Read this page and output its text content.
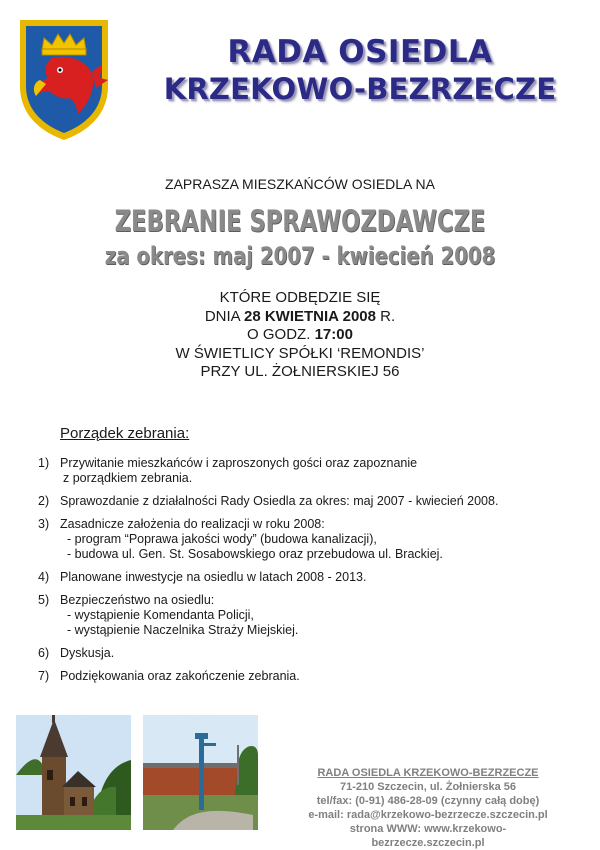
RADA OSIEDLA
KRZEKOWO-BEZRZECZE
ZAPRASZA MIESZKAŃCÓW OSIEDLA NA
ZEBRANIE SPRAWOZDAWCZE
za okres: maj 2007 - kwiecień 2008
KTÓRE ODBĘDZIE SIĘ
DNIA 28 KWIETNIA 2008 R.
O GODZ. 17:00
W ŚWIETLICY SPÓŁKI ‘REMONDIS’
PRZY UL. ŻOŁNIERSKIEJ 56
Porządek zebrania:
1) Przywitanie mieszkańców i zaproszonych gości oraz zapoznanie
z porządkiem zebrania.
2) Sprawozdanie z działalności Rady Osiedla za okres: maj 2007 - kwiecień 2008.
3) Zasadnicze założenia do realizacji w roku 2008:
- program “Poprawa jakości wody” (budowa kanalizacji),
- budowa ul. Gen. St. Sosabowskiego oraz przebudowa ul. Brackiej.
4) Planowane inwestycje na osiedlu w latach 2008 - 2013.
5) Bezpieczeństwo na osiedlu:
- wystąpienie Komendanta Policji,
- wystąpienie Naczelnika Straży Miejskiej.
6) Dyskusja.
7) Podziękowania oraz zakończenie zebrania.
RADA OSIEDLA KRZEKOWO-BEZRZECZE
71-210 Szczecin, ul. Żołnierska 56
tel/fax: (0-91) 486-28-09 (czynny całą dobę)
e-mail: rada@krzekowo-bezrzecze.szczecin.pl
strona WWW: www.krzekowo-bezrzecze.szczecin.pl
